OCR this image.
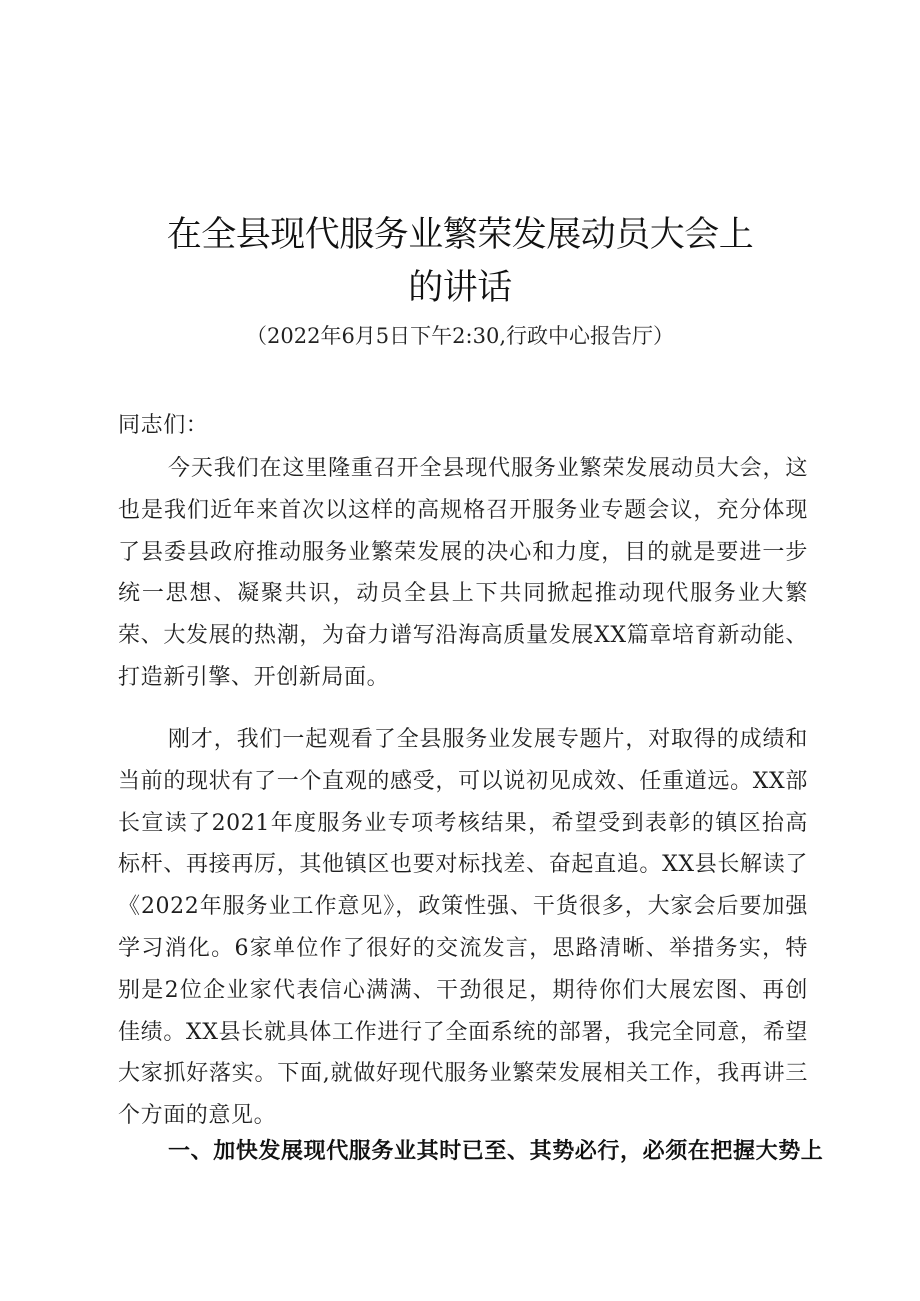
在全县现代服务业繁荣发展动员大会上
的讲话
（2022年6月5日下午2:30,行政中心报告厅）
同志们：
今天我们在这里隆重召开全县现代服务业繁荣发展动员大会，这也是我们近年来首次以这样的高规格召开服务业专题会议，充分体现了县委县政府推动服务业繁荣发展的决心和力度，目的就是要进一步统一思想、凝聚共识，动员全县上下共同掀起推动现代服务业大繁荣、大发展的热潮，为奋力谱写沿海高质量发展XX篇章培育新动能、打造新引擎、开创新局面。
刚才，我们一起观看了全县服务业发展专题片，对取得的成绩和当前的现状有了一个直观的感受，可以说初见成效、任重道远。XX部长宣读了2021年度服务业专项考核结果，希望受到表彰的镇区抬高标杆、再接再厉，其他镇区也要对标找差、奋起直追。XX县长解读了《2022年服务业工作意见》，政策性强、干货很多，大家会后要加强学习消化。6家单位作了很好的交流发言，思路清晰、举措务实，特别是2位企业家代表信心满满、干劲很足，期待你们大展宏图、再创佳绩。XX县长就具体工作进行了全面系统的部署，我完全同意，希望大家抓好落实。下面,就做好现代服务业繁荣发展相关工作，我再讲三个方面的意见。
一、加快发展现代服务业其时已至、其势必行，必须在把握大势上
